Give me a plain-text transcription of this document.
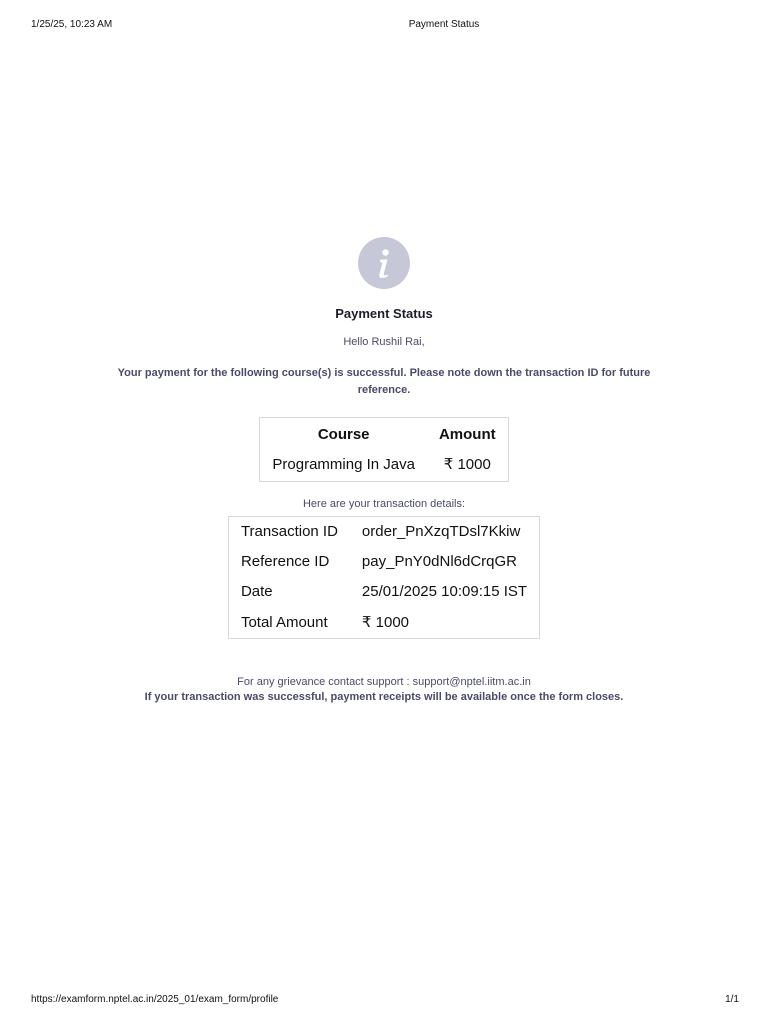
1/25/25, 10:23 AM	Payment Status
Payment Status
Hello Rushil Rai,
Your payment for the following course(s) is successful. Please note down the transaction ID for future reference.
Course	Amount
Programming In Java	₹ 1000
Here are your transaction details:
Transaction ID	order_PnXzqTDsl7Kkiw
Reference ID	pay_PnY0dNl6dCrqGR
Date	25/01/2025 10:09:15 IST
Total Amount	₹ 1000
For any grievance contact support : support@nptel.iitm.ac.in
If your transaction was successful, payment receipts will be available once the form closes.
https://examform.nptel.ac.in/2025_01/exam_form/profile	1/1
